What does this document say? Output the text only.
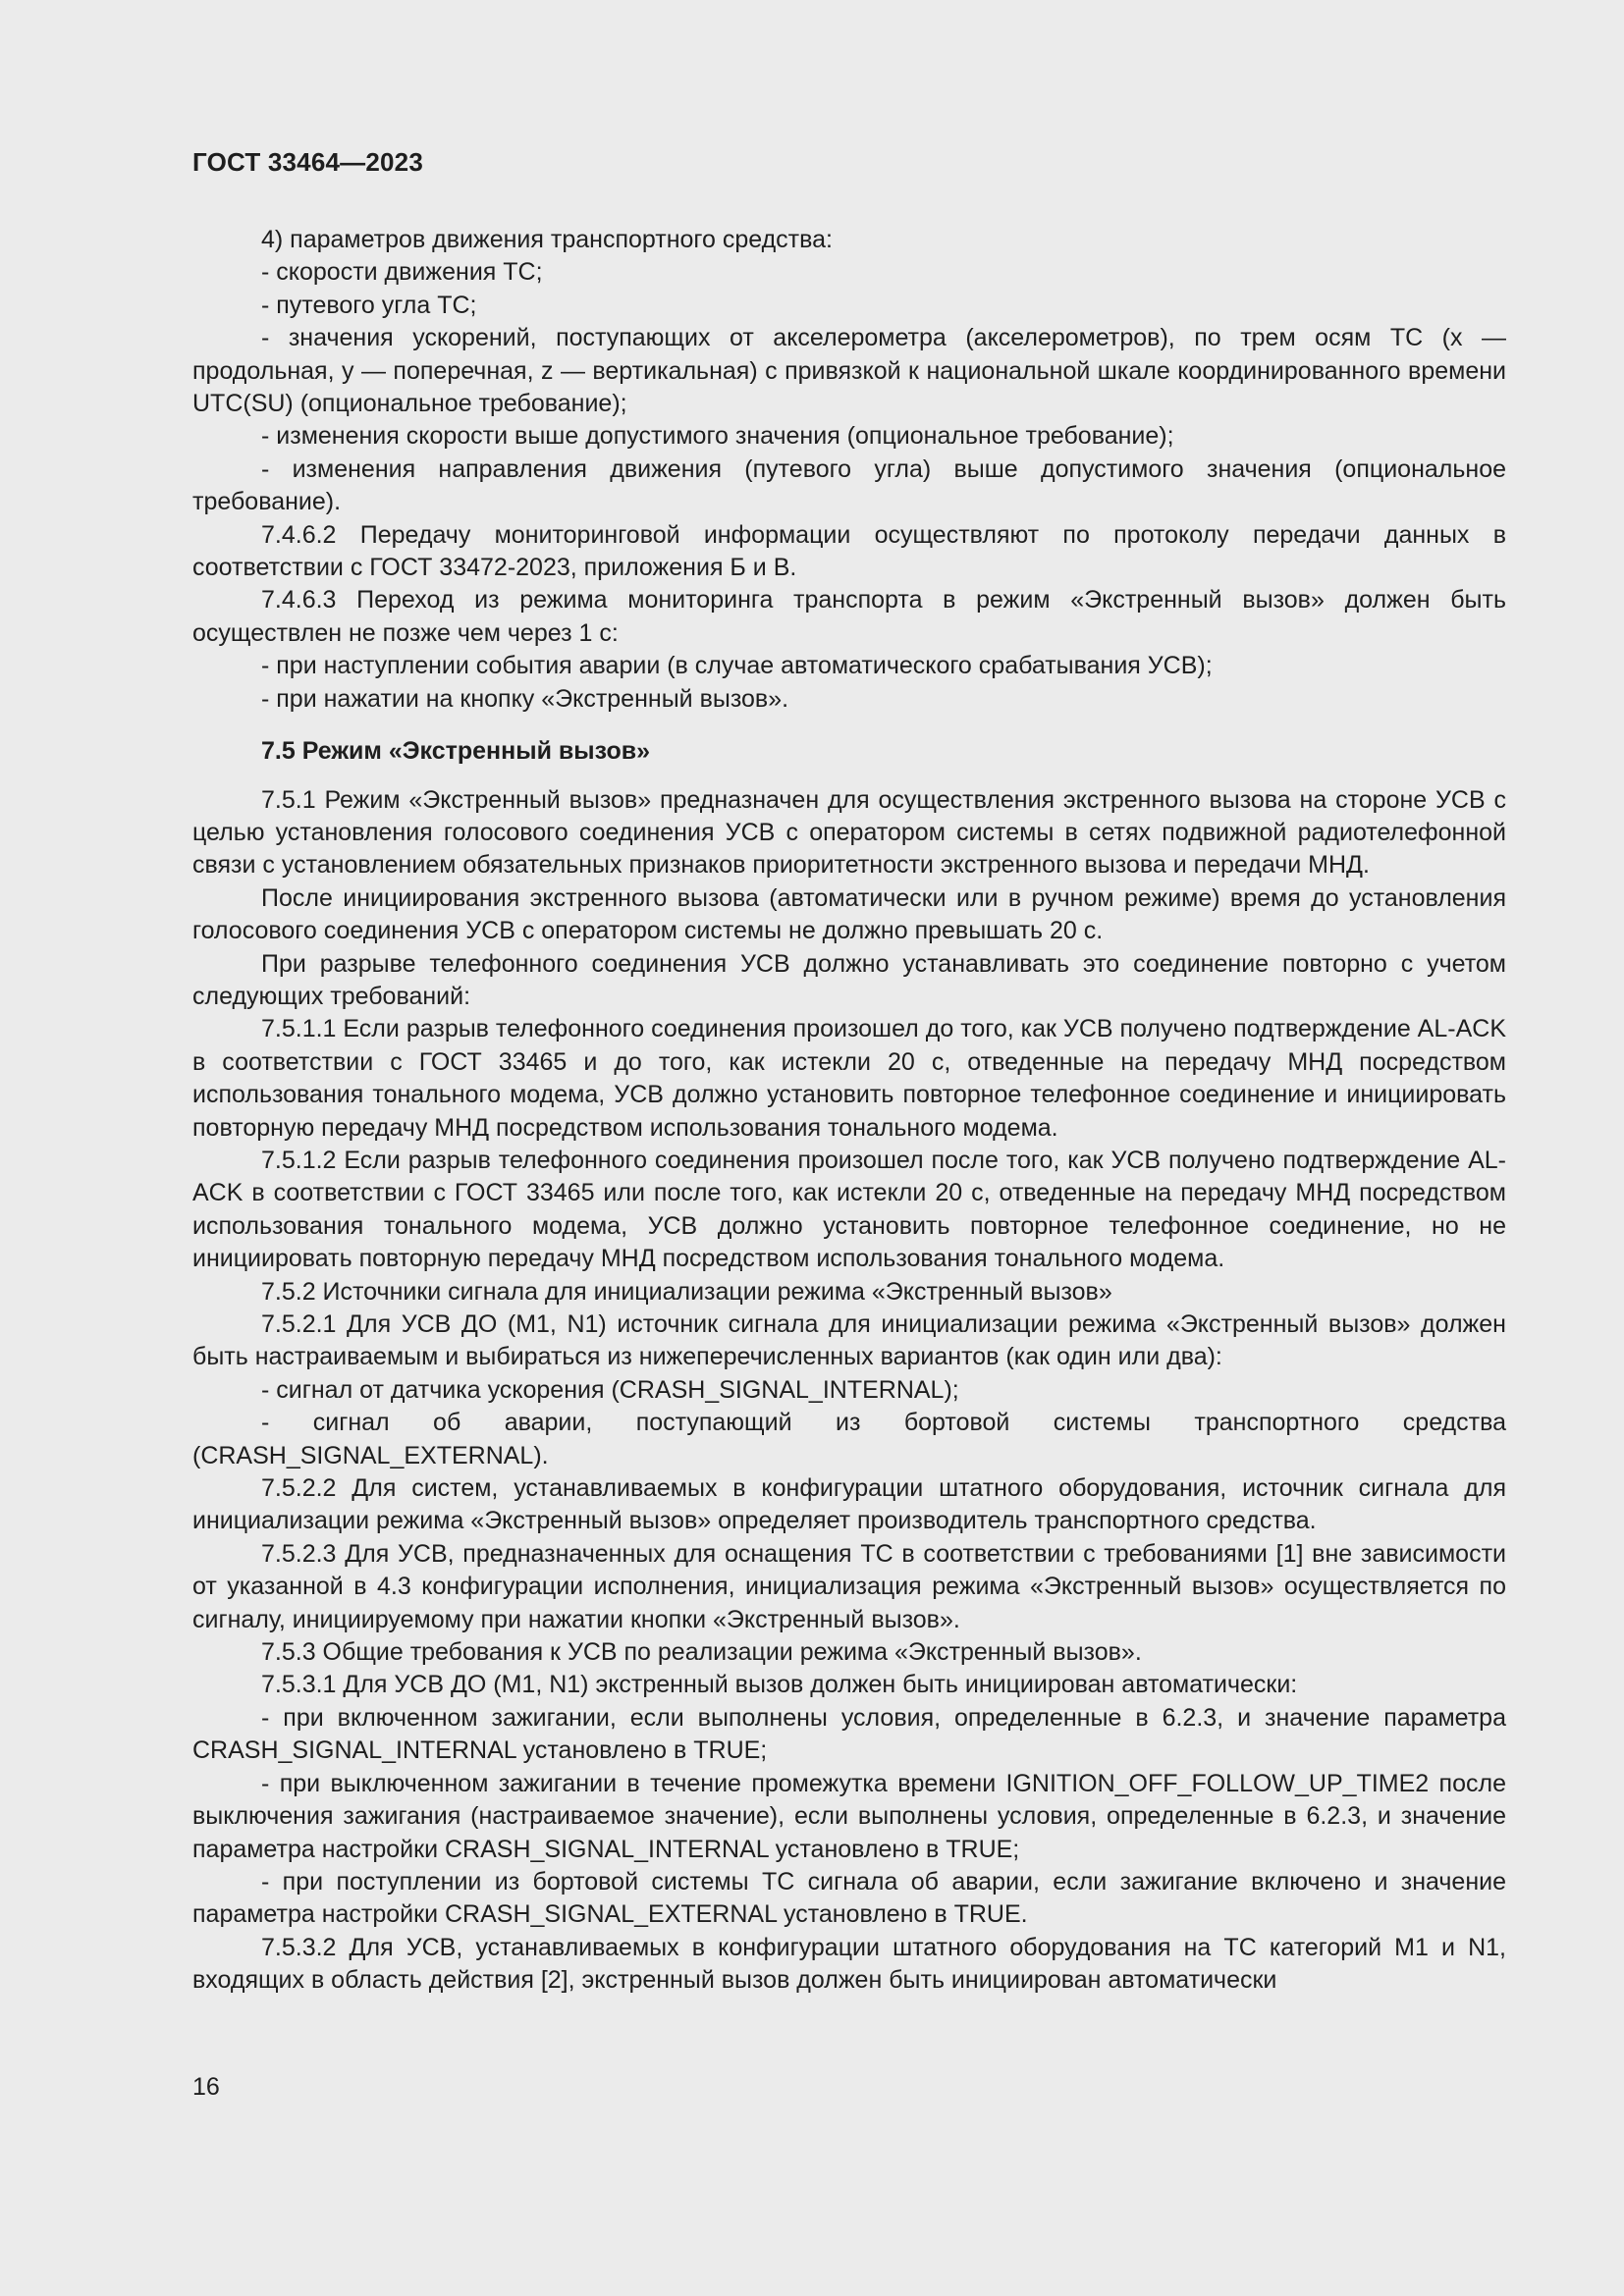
ГОСТ 33464—2023

4) параметров движения транспортного средства:

- скорости движения ТС;

- путевого угла ТС;

- значения ускорений, поступающих от акселерометра (акселерометров), по трем осям ТС (x — продольная, y — поперечная, z — вертикальная) с привязкой к национальной шкале координированного времени UTC(SU) (опциональное требование);

- изменения скорости выше допустимого значения (опциональное требование);

- изменения направления движения (путевого угла) выше допустимого значения (опциональное требование).

7.4.6.2 Передачу мониторинговой информации осуществляют по протоколу передачи данных в соответствии с ГОСТ 33472-2023, приложения Б и В.

7.4.6.3 Переход из режима мониторинга транспорта в режим «Экстренный вызов» должен быть осуществлен не позже чем через 1 с:

- при наступлении события аварии (в случае автоматического срабатывания УСВ);

- при нажатии на кнопку «Экстренный вызов».

7.5 Режим «Экстренный вызов»

7.5.1 Режим «Экстренный вызов» предназначен для осуществления экстренного вызова на стороне УСВ с целью установления голосового соединения УСВ с оператором системы в сетях подвижной радиотелефонной связи с установлением обязательных признаков приоритетности экстренного вызова и передачи МНД.

После инициирования экстренного вызова (автоматически или в ручном режиме) время до установления голосового соединения УСВ с оператором системы не должно превышать 20 с.

При разрыве телефонного соединения УСВ должно устанавливать это соединение повторно с учетом следующих требований:

7.5.1.1 Если разрыв телефонного соединения произошел до того, как УСВ получено подтверждение AL-ACK в соответствии с ГОСТ 33465 и до того, как истекли 20 с, отведенные на передачу МНД посредством использования тонального модема, УСВ должно установить повторное телефонное соединение и инициировать повторную передачу МНД посредством использования тонального модема.

7.5.1.2 Если разрыв телефонного соединения произошел после того, как УСВ получено подтверждение AL-ACK в соответствии с ГОСТ 33465 или после того, как истекли 20 с, отведенные на передачу МНД посредством использования тонального модема, УСВ должно установить повторное телефонное соединение, но не инициировать повторную передачу МНД посредством использования тонального модема.

7.5.2 Источники сигнала для инициализации режима «Экстренный вызов»

7.5.2.1 Для УСВ ДО (M1, N1) источник сигнала для инициализации режима «Экстренный вызов» должен быть настраиваемым и выбираться из нижеперечисленных вариантов (как один или два):

- сигнал от датчика ускорения (CRASH_SIGNAL_INTERNAL);

- сигнал об аварии, поступающий из бортовой системы транспортного средства (CRASH_SIGNAL_EXTERNAL).

7.5.2.2 Для систем, устанавливаемых в конфигурации штатного оборудования, источник сигнала для инициализации режима «Экстренный вызов» определяет производитель транспортного средства.

7.5.2.3 Для УСВ, предназначенных для оснащения ТС в соответствии с требованиями [1] вне зависимости от указанной в 4.3 конфигурации исполнения, инициализация режима «Экстренный вызов» осуществляется по сигналу, инициируемому при нажатии кнопки «Экстренный вызов».

7.5.3 Общие требования к УСВ по реализации режима «Экстренный вызов».

7.5.3.1 Для УСВ ДО (M1, N1) экстренный вызов должен быть инициирован автоматически:

- при включенном зажигании, если выполнены условия, определенные в 6.2.3, и значение параметра CRASH_SIGNAL_INTERNAL установлено в TRUE;

- при выключенном зажигании в течение промежутка времени IGNITION_OFF_FOLLOW_UP_TIME2 после выключения зажигания (настраиваемое значение), если выполнены условия, определенные в 6.2.3, и значение параметра настройки CRASH_SIGNAL_INTERNAL установлено в TRUE;

- при поступлении из бортовой системы ТС сигнала об аварии, если зажигание включено и значение параметра настройки CRASH_SIGNAL_EXTERNAL установлено в TRUE.

7.5.3.2 Для УСВ, устанавливаемых в конфигурации штатного оборудования на ТС категорий M1 и N1, входящих в область действия [2], экстренный вызов должен быть инициирован автоматически

16
